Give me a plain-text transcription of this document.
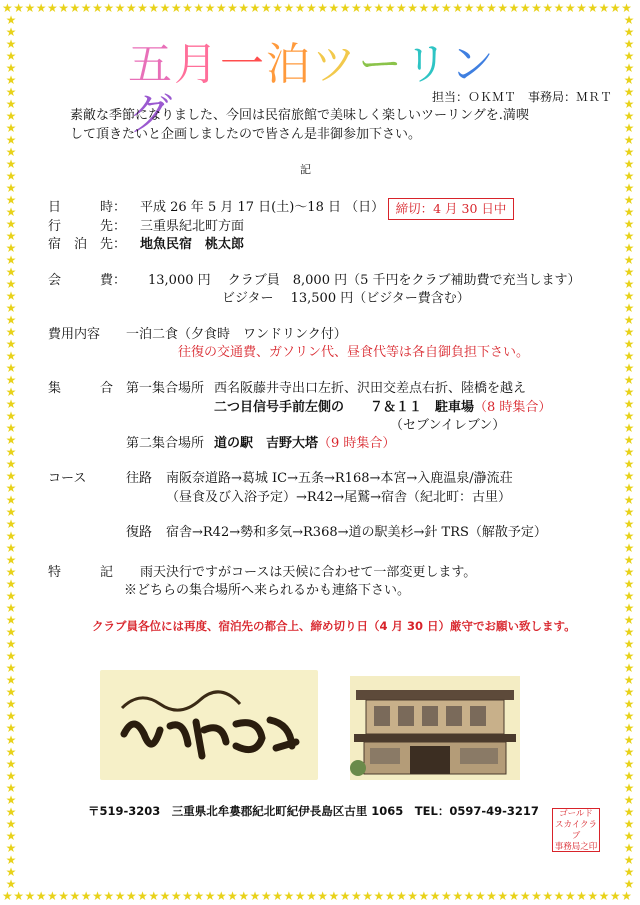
★★★★★★★★★★★★★★★★★★★★★★★★★★★★★★★★★★★★★★★★★★★★★★★★★★★★★★★★
★★★★★★★★★★★★★★★★★★★★★★★★★★★★★★★★★★★★★★★★★★★★★★★★★★★★★★★★
★★★★★★★★★★★★★★★★★★★★★★★★★★★★★★★★★★★★★★★★★★★★★★★★★★★★★★★★★★★★★★★★★★★★★★★★★
★★★★★★★★★★★★★★★★★★★★★★★★★★★★★★★★★★★★★★★★★★★★★★★★★★★★★★★★★★★★★★★★★★★★★★★★★
五月一泊ツーリング	担当：ＯＫＭＴ　事務局：ＭＲＴ
素敵な季節になりました、今回は民宿旅館で美味しく楽しいツーリングを.満喫
して頂きたいと企画しましたので皆さん是非御参加下さい。
記
日　　　時： 平成 26 年 5 月 17 日(土)～18 日 （日） 締切：4 月 30 日中
行　　　先： 三重県紀北町方面
宿　泊　先： 地魚民宿　桃太郎
会　　　費： 13,000 円　 クラブ員　8,000 円（5 千円をクラブ補助費で充当します）
ビジター　 13,500 円（ビジター費含む）
費用内容 一泊二食（夕食時　ワンドリンク付）
往復の交通費、ガソリン代、昼食代等は各自御負担下さい。
集　　　合 第一集合場所 西名阪藤井寺出口左折、沢田交差点右折、陸橋を越え
二つ目信号手前左側の　　７＆１１　駐車場（8 時集合）
（セブンイレブン）
第二集合場所 道の駅　吉野大塔（9 時集合）
コース	往路 南阪奈道路→葛城 IC→五条→R168→本宮→入鹿温泉/瀞流荘
（昼食及び入浴予定）→R42→尾鷲→宿舎（紀北町：古里）
復路 宿舎→R42→勢和多気→R368→道の駅美杉→針 TRS（解散予定）
特　　　記 雨天決行ですがコースは天候に合わせて一部変更します。
※どちらの集合場所へ来られるかも連絡下さい。
クラブ員各位には再度、宿泊先の都合上、締め切り日（4 月 30 日）厳守でお願い致します。
〒519-3203　三重県北牟婁郡紀北町紀伊長島区古里 1065　TEL：0597-49-3217	ゴールド
スカイクラブ
事務局之印
